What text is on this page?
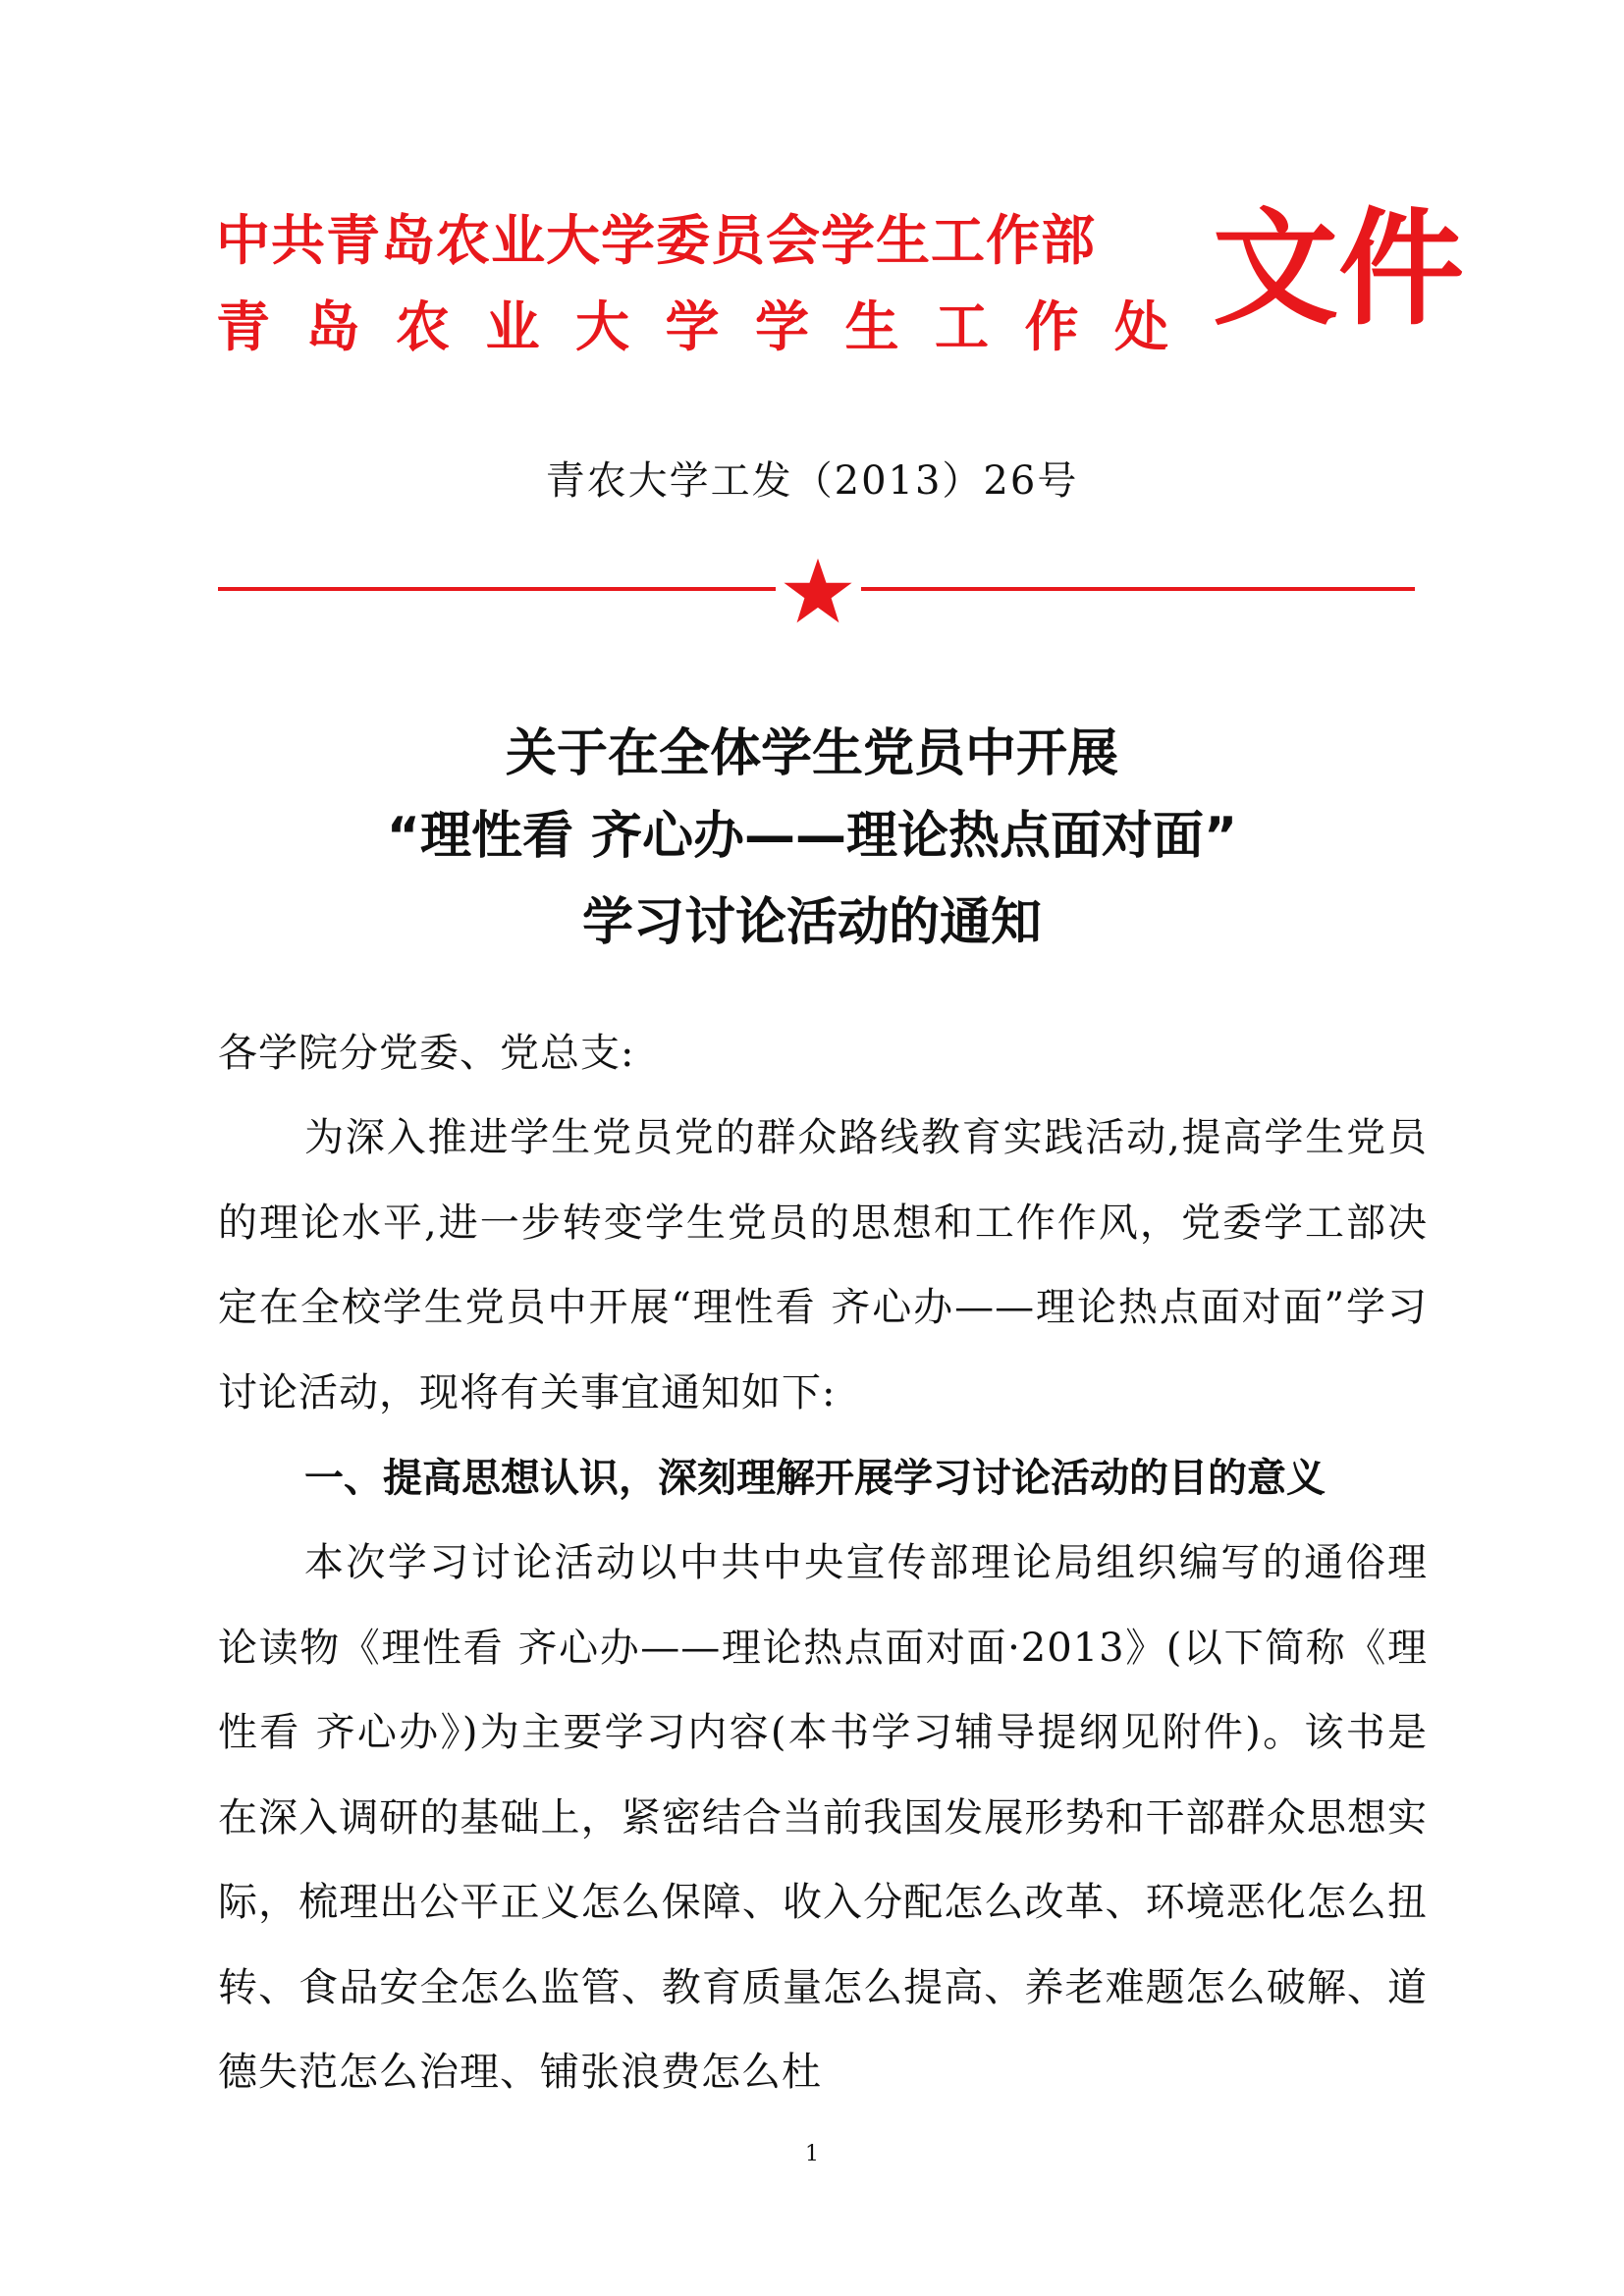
中共青岛农业大学委员会学生工作部
青岛农业大学学生工作处 文件
青农大学工发（2013）26号
关于在全体学生党员中开展
“理性看 齐心办——理论热点面对面”
学习讨论活动的通知
各学院分党委、党总支:
为深入推进学生党员党的群众路线教育实践活动,提高学生党员的理论水平,进一步转变学生党员的思想和工作作风，党委学工部决定在全校学生党员中开展“理性看 齐心办——理论热点面对面”学习讨论活动，现将有关事宜通知如下:
一、提高思想认识，深刻理解开展学习讨论活动的目的意义
本次学习讨论活动以中共中央宣传部理论局组织编写的通俗理论读物《理性看 齐心办——理论热点面对面·2013》(以下简称《理性看 齐心办》)为主要学习内容(本书学习辅导提纲见附件)。该书是在深入调研的基础上，紧密结合当前我国发展形势和干部群众思想实际，梳理出公平正义怎么保障、收入分配怎么改革、环境恶化怎么扭转、食品安全怎么监管、教育质量怎么提高、养老难题怎么破解、道德失范怎么治理、铺张浪费怎么杜
1
